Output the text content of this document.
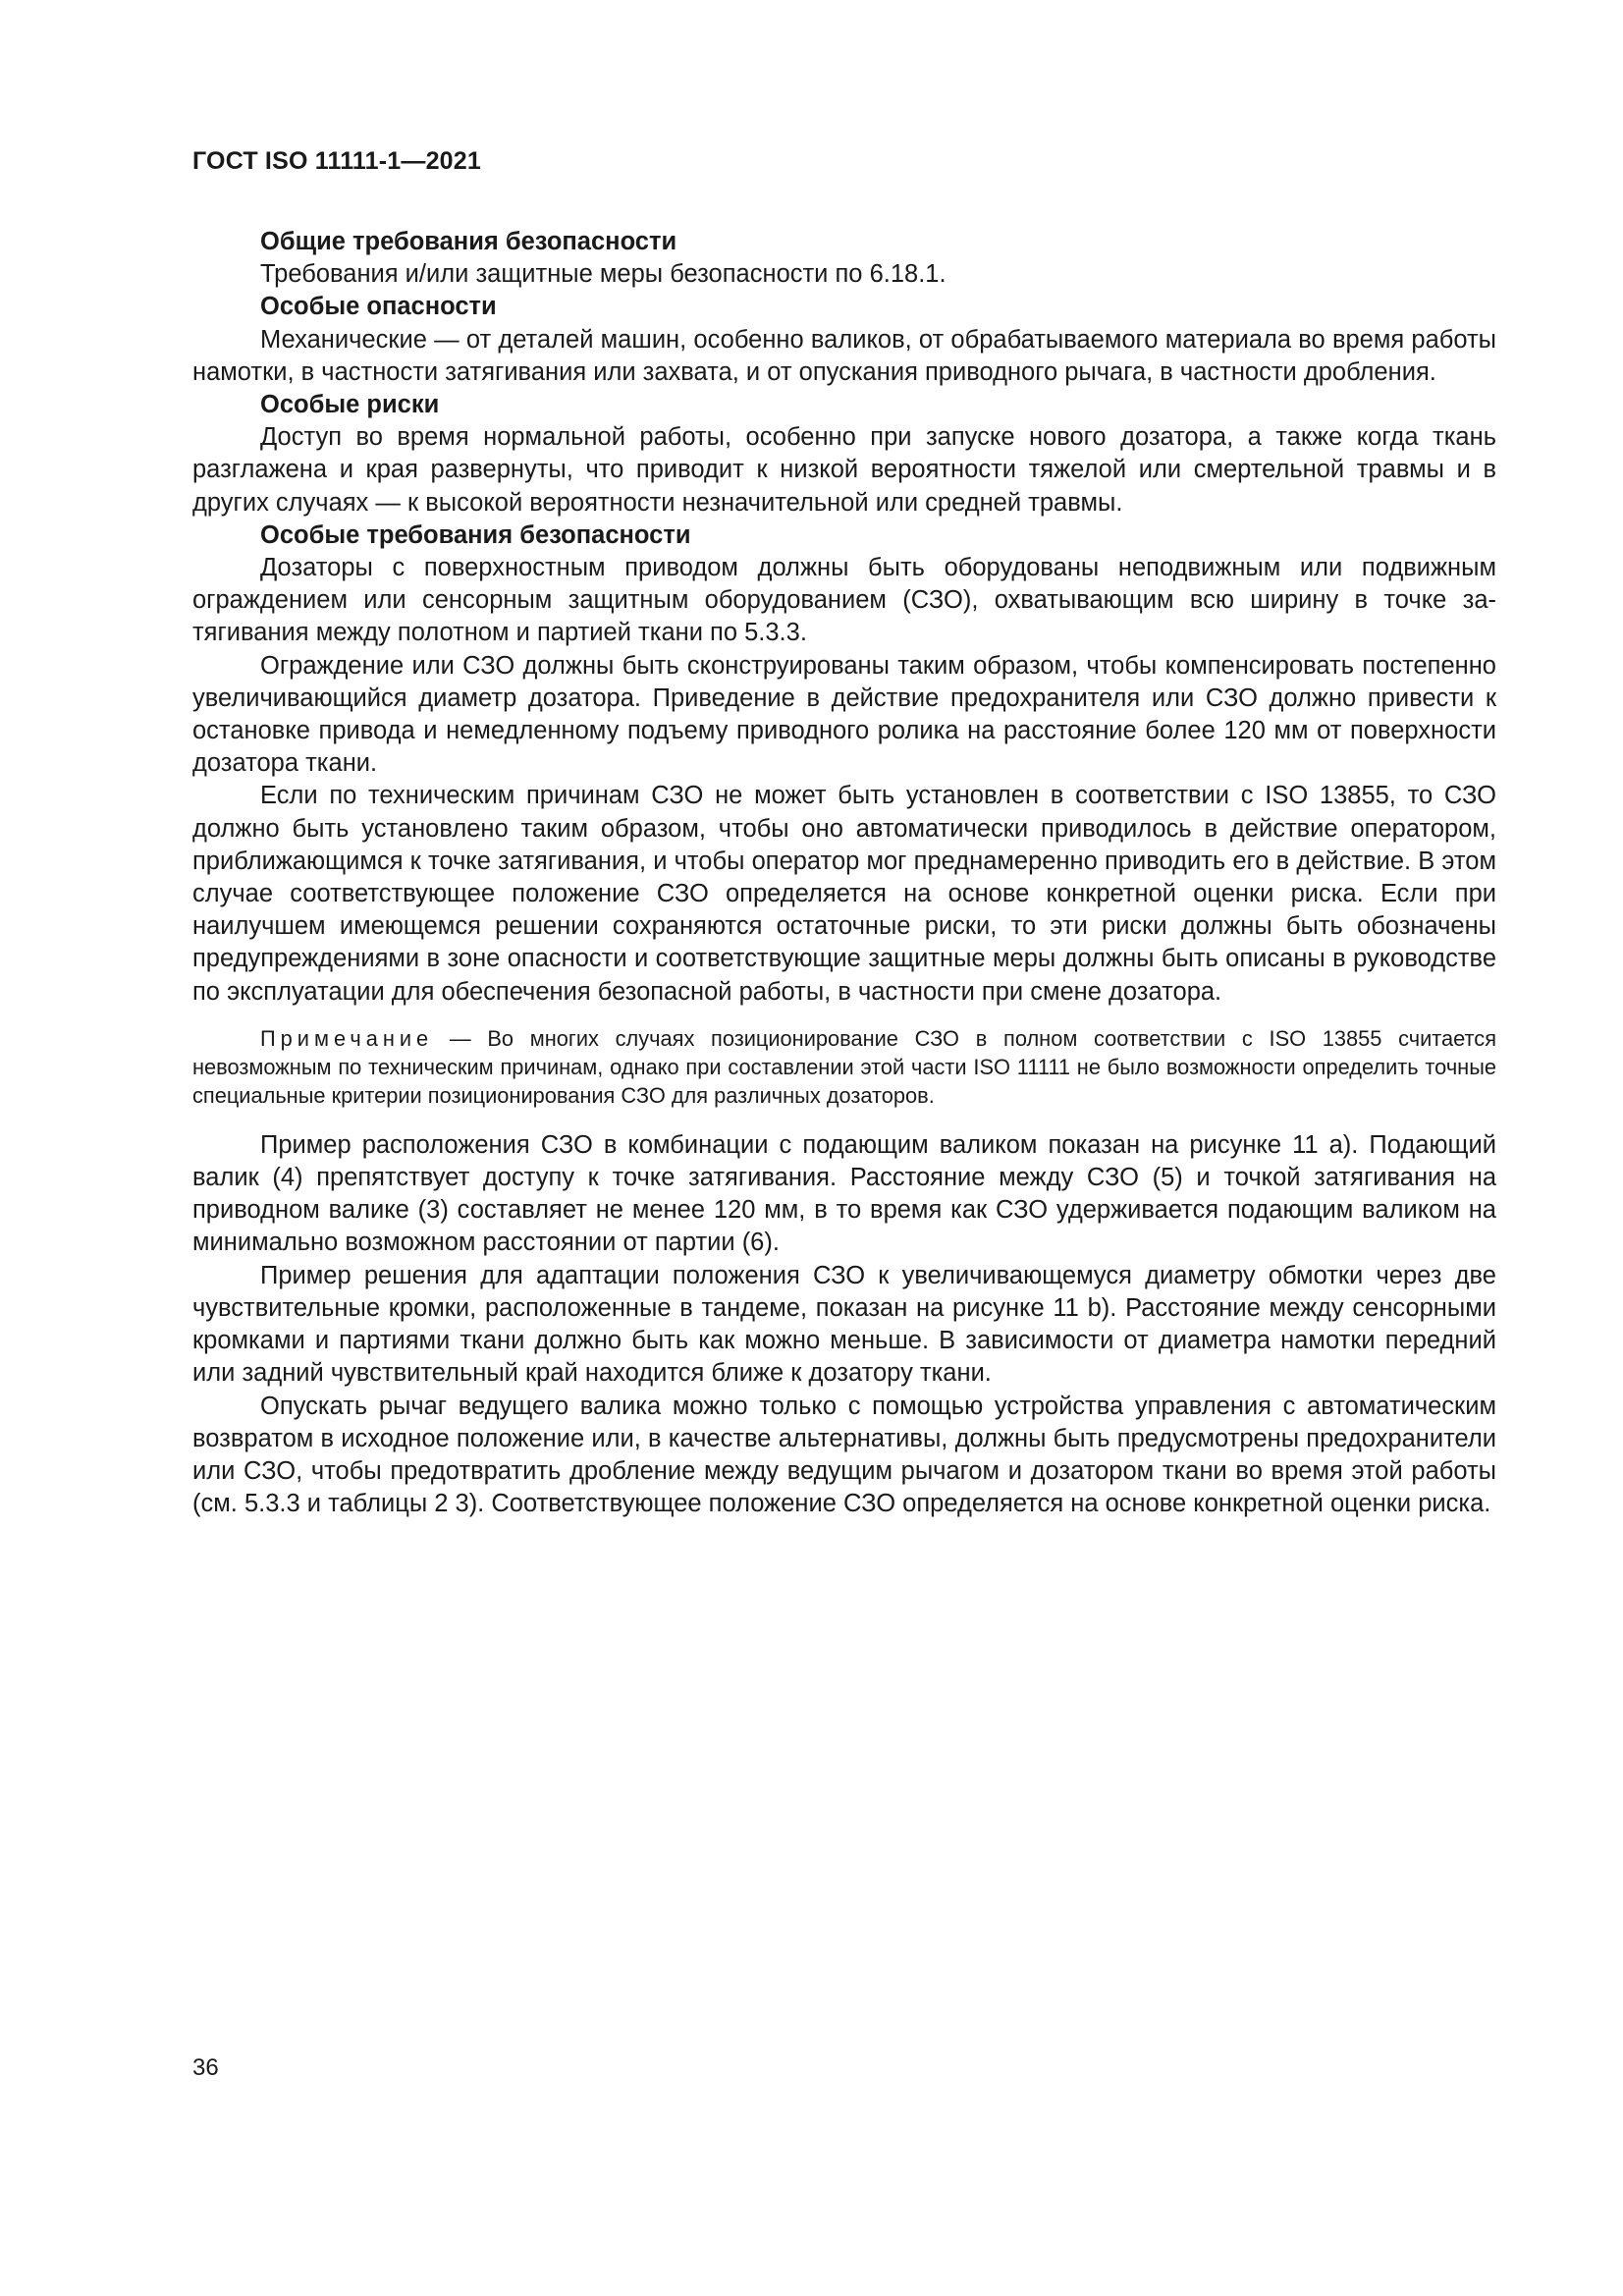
ГОСТ ISO 11111-1—2021

Общие требования безопасности

Требования и/или защитные меры безопасности по 6.18.1.

Особые опасности

Механические — от деталей машин, особенно валиков, от обрабатываемого материала во время работы намотки, в частности затягивания или захвата, и от опускания приводного рычага, в частности дробления.

Особые риски

Доступ во время нормальной работы, особенно при запуске нового дозатора, а также когда ткань разглажена и края развернуты, что приводит к низкой вероятности тяжелой или смертельной травмы и в других случаях — к высокой вероятности незначительной или средней травмы.

Особые требования безопасности

Дозаторы с поверхностным приводом должны быть оборудованы неподвижным или подвижным ограждением или сенсорным защитным оборудованием (СЗО), охватывающим всю ширину в точке затягивания между полотном и партией ткани по 5.3.3.

Ограждение или СЗО должны быть сконструированы таким образом, чтобы компенсировать постепенно увеличивающийся диаметр дозатора. Приведение в действие предохранителя или СЗО должно привести к остановке привода и немедленному подъему приводного ролика на расстояние более 120 мм от поверхности дозатора ткани.

Если по техническим причинам СЗО не может быть установлен в соответствии с ISO 13855, то СЗО должно быть установлено таким образом, чтобы оно автоматически приводилось в действие оператором, приближающимся к точке затягивания, и чтобы оператор мог преднамеренно приводить его в действие. В этом случае соответствующее положение СЗО определяется на основе конкретной оценки риска. Если при наилучшем имеющемся решении сохраняются остаточные риски, то эти риски должны быть обозначены предупреждениями в зоне опасности и соответствующие защитные меры должны быть описаны в руководстве по эксплуатации для обеспечения безопасной работы, в частности при смене дозатора.

Примечание — Во многих случаях позиционирование СЗО в полном соответствии с ISO 13855 считается невозможным по техническим причинам, однако при составлении этой части ISO 11111 не было возможности определить точные специальные критерии позиционирования СЗО для различных дозаторов.

Пример расположения СЗО в комбинации с подающим валиком показан на рисунке 11 а). Подающий валик (4) препятствует доступу к точке затягивания. Расстояние между СЗО (5) и точкой затягивания на приводном валике (3) составляет не менее 120 мм, в то время как СЗО удерживается подающим валиком на минимально возможном расстоянии от партии (6).

Пример решения для адаптации положения СЗО к увеличивающемуся диаметру обмотки через две чувствительные кромки, расположенные в тандеме, показан на рисунке 11 b). Расстояние между сенсорными кромками и партиями ткани должно быть как можно меньше. В зависимости от диаметра намотки передний или задний чувствительный край находится ближе к дозатору ткани.

Опускать рычаг ведущего валика можно только с помощью устройства управления с автоматическим возвратом в исходное положение или, в качестве альтернативы, должны быть предусмотрены предохранители или СЗО, чтобы предотвратить дробление между ведущим рычагом и дозатором ткани во время этой работы (см. 5.3.3 и таблицы 2 3). Соответствующее положение СЗО определяется на основе конкретной оценки риска.

36
